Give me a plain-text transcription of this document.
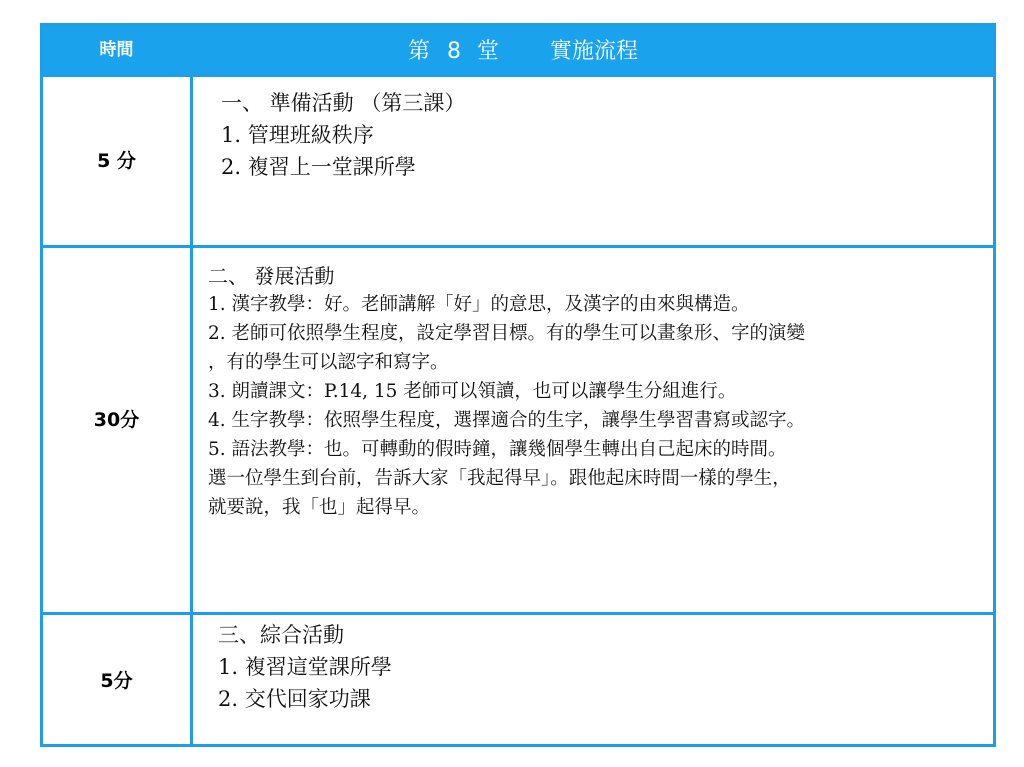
時間	第 8 堂 實施流程
5 分
一、 準備活動 （第三課）
1. 管理班級秩序
2. 複習上一堂課所學
30分
二、 發展活動
1. 漢字教學：好。老師講解「好」的意思，及漢字的由來與構造。
2. 老師可依照學生程度，設定學習目標。有的學生可以畫象形、字的演變
，有的學生可以認字和寫字。
3. 朗讀課文：P.14, 15 老師可以領讀，也可以讓學生分組進行。
4. 生字教學：依照學生程度，選擇適合的生字，讓學生學習書寫或認字。
5. 語法教學：也。可轉動的假時鐘，讓幾個學生轉出自己起床的時間。
選一位學生到台前，告訴大家「我起得早」。跟他起床時間一樣的學生，
就要說，我「也」起得早。
5分
三、綜合活動
1. 複習這堂課所學
2. 交代回家功課
